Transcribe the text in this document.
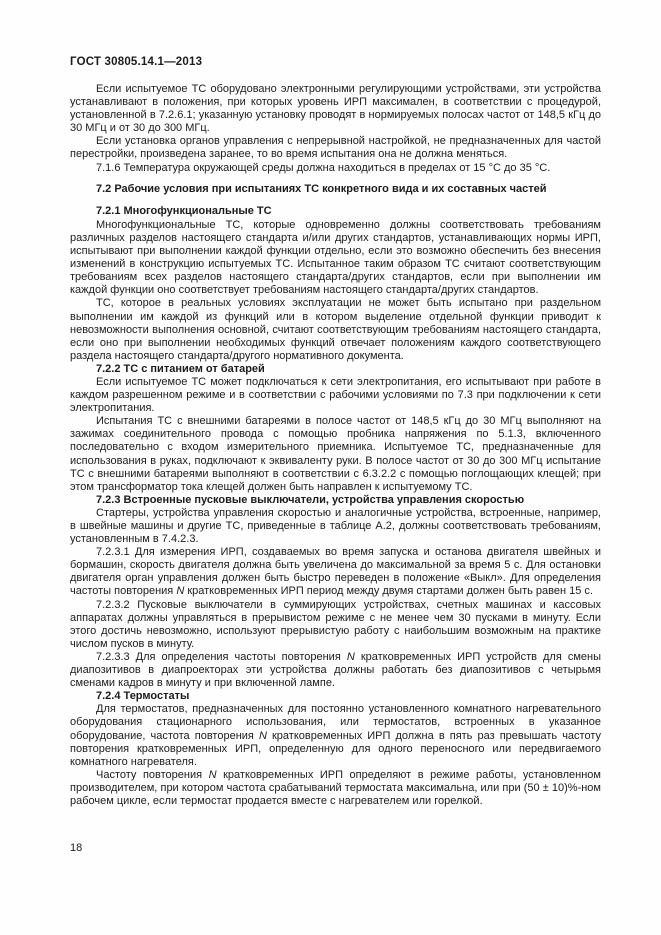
ГОСТ 30805.14.1—2013

Если испытуемое ТС оборудовано электронными регулирующими устройствами, эти устройства устанавливают в положения, при которых уровень ИРП максимален, в соответствии с процедурой, установленной в 7.2.6.1; указанную установку проводят в нормируемых полосах частот от 148,5 кГц до 30 МГц и от 30 до 300 МГц.

Если установка органов управления с непрерывной настройкой, не предназначенных для частой перестройки, произведена заранее, то во время испытания она не должна меняться.

7.1.6 Температура окружающей среды должна находиться в пределах от 15 °С до 35 °С.

7.2 Рабочие условия при испытаниях ТС конкретного вида и их составных частей

7.2.1 Многофункциональные ТС

Многофункциональные ТС, которые одновременно должны соответствовать требованиям различных разделов настоящего стандарта и/или других стандартов, устанавливающих нормы ИРП, испытывают при выполнении каждой функции отдельно, если это возможно обеспечить без внесения изменений в конструкцию испытуемых ТС. Испытанное таким образом ТС считают соответствующим требованиям всех разделов настоящего стандарта/других стандартов, если при выполнении им каждой функции оно соответствует требованиям настоящего стандарта/других стандартов.

ТС, которое в реальных условиях эксплуатации не может быть испытано при раздельном выполнении им каждой из функций или в котором выделение отдельной функции приводит к невозможности выполнения основной, считают соответствующим требованиям настоящего стандарта, если оно при выполнении необходимых функций отвечает положениям каждого соответствующего раздела настоящего стандарта/другого нормативного документа.

7.2.2 ТС с питанием от батарей

Если испытуемое ТС может подключаться к сети электропитания, его испытывают при работе в каждом разрешенном режиме и в соответствии с рабочими условиями по 7.3 при подключении к сети электропитания.

Испытания ТС с внешними батареями в полосе частот от 148,5 кГц до 30 МГц выполняют на зажимах соединительного провода с помощью пробника напряжения по 5.1.3, включенного последовательно с входом измерительного приемника. Испытуемое ТС, предназначенные для использования в руках, подключают к эквиваленту руки. В полосе частот от 30 до 300 МГц испытание ТС с внешними батареями выполняют в соответствии с 6.3.2.2 с помощью поглощающих клещей; при этом трансформатор тока клещей должен быть направлен к испытуемому ТС.

7.2.3 Встроенные пусковые выключатели, устройства управления скоростью

Стартеры, устройства управления скоростью и аналогичные устройства, встроенные, например, в швейные машины и другие ТС, приведенные в таблице А.2, должны соответствовать требованиям, установленным в 7.4.2.3.

7.2.3.1 Для измерения ИРП, создаваемых во время запуска и останова двигателя швейных и бормашин, скорость двигателя должна быть увеличена до максимальной за время 5 с. Для остановки двигателя орган управления должен быть быстро переведен в положение «Выкл». Для определения частоты повторения N кратковременных ИРП период между двумя стартами должен быть равен 15 с.

7.2.3.2 Пусковые выключатели в суммирующих устройствах, счетных машинах и кассовых аппаратах должны управляться в прерывистом режиме с не менее чем 30 пусками в минуту. Если этого достичь невозможно, используют прерывистую работу с наибольшим возможным на практике числом пусков в минуту.

7.2.3.3 Для определения частоты повторения N кратковременных ИРП устройств для смены диапозитивов в диапроекторах эти устройства должны работать без диапозитивов с четырьмя сменами кадров в минуту и при включенной лампе.

7.2.4 Термостаты

Для термостатов, предназначенных для постоянно установленного комнатного нагревательного оборудования стационарного использования, или термостатов, встроенных в указанное оборудование, частота повторения N кратковременных ИРП должна в пять раз превышать частоту повторения кратковременных ИРП, определенную для одного переносного или передвигаемого комнатного нагревателя.

Частоту повторения N кратковременных ИРП определяют в режиме работы, установленном производителем, при котором частота срабатываний термостата максимальна, или при (50 ± 10)%-ном рабочем цикле, если термостат продается вместе с нагревателем или горелкой.

18
